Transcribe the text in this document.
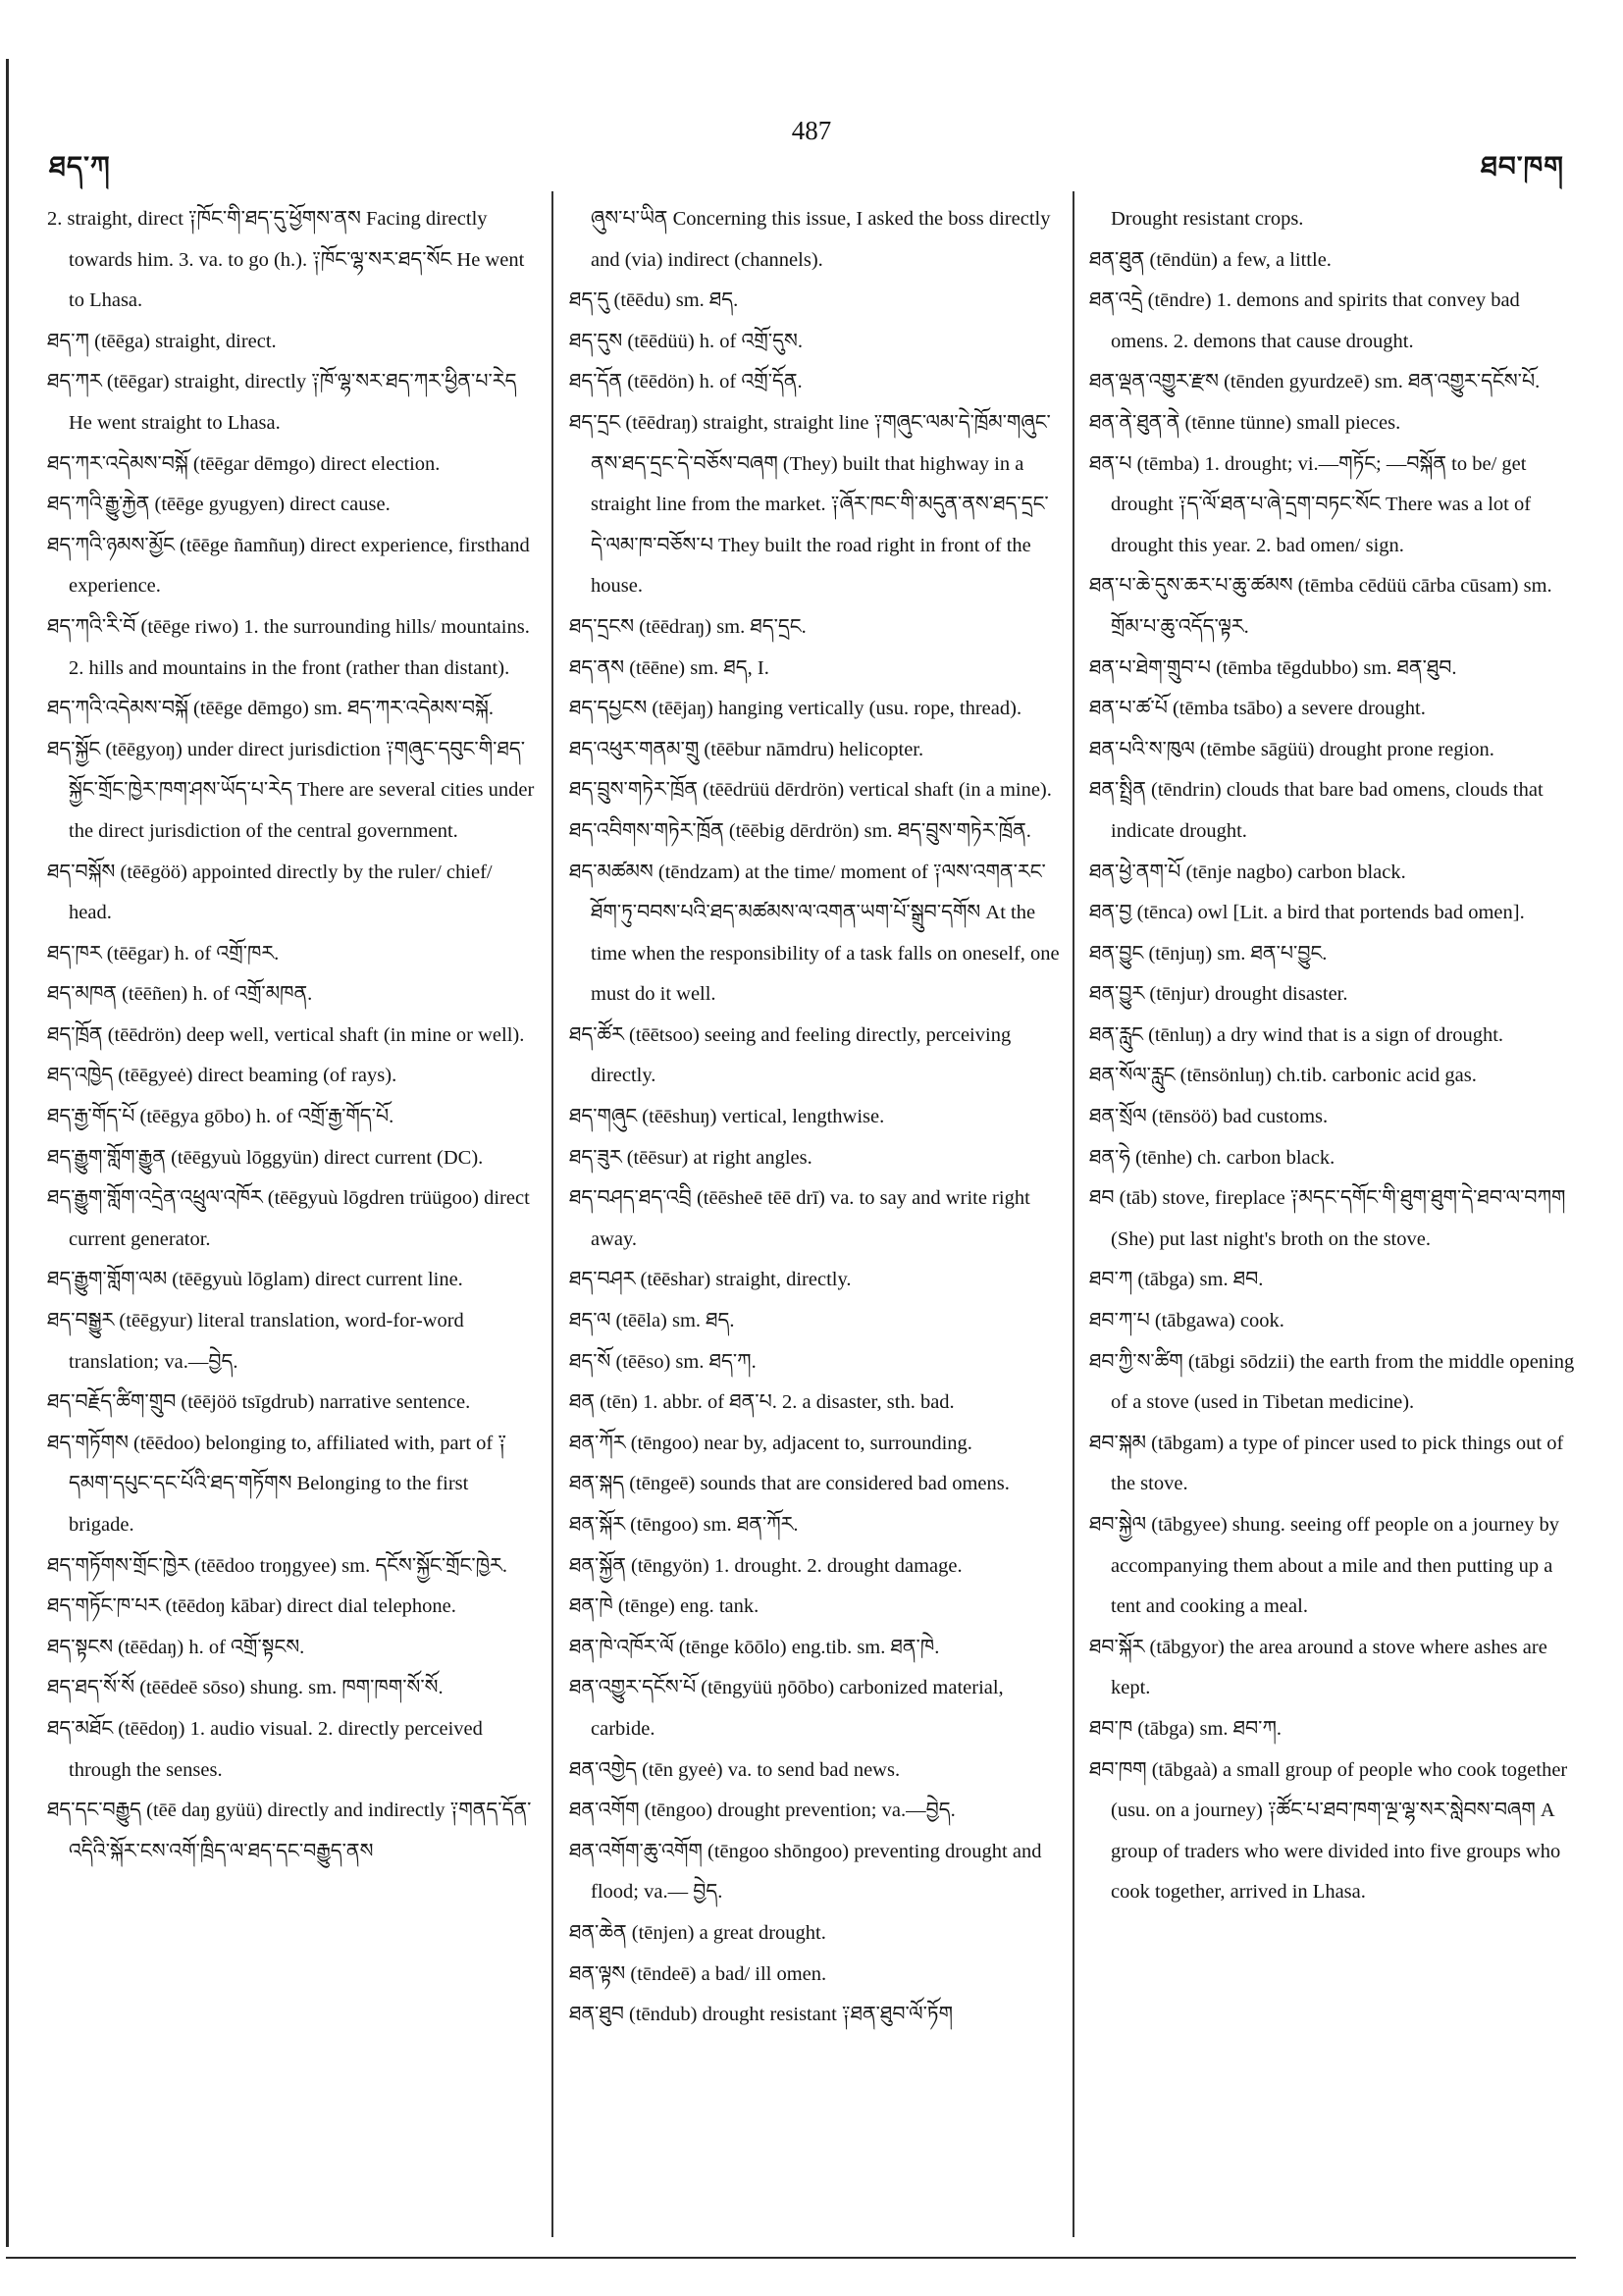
ཐད་ཀ
487
ཐབ་ཁག

2. straight, direct ༑ཁོང་གི་ཐད་དུ་ཕྱོགས་ནས Facing directly towards him. 3. va. to go (h.). ༑ཁོང་ལྷ་སར་ཐད་སོང He went to Lhasa.

ཐད་ཀ (tēēga) straight, direct.

ཐད་ཀར (tēēgar) straight, directly ༑ཁོ་ལྷ་སར་ཐད་ཀར་ཕྱིན་པ་རེད He went straight to Lhasa.

ཐད་ཀར་འདེམས་བསྐོ (tēēgar dēmgo) direct election.

ཐད་ཀའི་རྒྱུ་རྐྱེན (tēēge gyugyen) direct cause.

ཐད་ཀའི་ཉམས་མྱོང (tēēge ñamñuŋ) direct experience, firsthand experience.

ཐད་ཀའི་རི་བོ (tēēge riwo) 1. the surrounding hills/ mountains. 2. hills and mountains in the front (rather than distant).

ཐད་ཀའི་འདེམས་བསྐོ (tēēge dēmgo) sm. ཐད་ཀར་འདེམས་བསྐོ.

ཐད་སྐྱོང (tēēgyoŋ) under direct jurisdiction ༑གཞུང་དབུང་གི་ཐད་སྐྱོང་གྲོང་ཁྱེར་ཁག་ཤས་ཡོད་པ་རེད There are several cities under the direct jurisdiction of the central government.

ཐད་བསྐོས (tēēgöö) appointed directly by the ruler/ chief/ head.

ཐད་ཁར (tēēgar) h. of འགྲོ་ཁར.

ཐད་མཁན (tēēñen) h. of འགྲོ་མཁན.

ཐད་ཁྲོན (tēēdrön) deep well, vertical shaft (in mine or well).

ཐད་འཁྱེད (tēēgyeė) direct beaming (of rays).

ཐད་རྒྱ་གོད་པོ (tēēgya gōbo) h. of འགྲོ་རྒྱ་གོད་པོ.

ཐད་རྒྱུག་གློག་རྒྱུན (tēēgyuù lōggyün) direct current (DC).

ཐད་རྒྱུག་གློག་འདྲེན་འཕྲུལ་འཁོར (tēēgyuù lōgdren trüügoo) direct current generator.

ཐད་རྒྱུག་གློག་ལམ (tēēgyuù lōglam) direct current line.

ཐད་བསྒྱུར (tēēgyur) literal translation, word-for-word translation; va.—བྱེད.

ཐད་བརྗོད་ཚིག་གྲུབ (tēējöö tsīgdrub) narrative sentence.

ཐད་གཏོགས (tēēdoo) belonging to, affiliated with, part of ༑དམག་དཔུང་དང་པོའི་ཐད་གཏོགས Belonging to the first brigade.

ཐད་གཏོགས་གྲོང་ཁྱེར (tēēdoo troŋgyee) sm. དངོས་སྐྱོང་གྲོང་ཁྱེར.

ཐད་གཏོང་ཁ་པར (tēēdoŋ kābar) direct dial telephone.

ཐད་སྟངས (tēēdaŋ) h. of འགྲོ་སྟངས.

ཐད་ཐད་སོ་སོ (tēēdeē sōso) shung. sm. ཁག་ཁག་སོ་སོ.

ཐད་མཐོང (tēēdoŋ) 1. audio visual. 2. directly perceived through the senses.

ཐད་དང་བརྒྱུད (tēē daŋ gyüü) directly and indirectly ༑གནད་དོན་འདིའི་སྐོར་ངས་འགོ་ཁྲིད་ལ་ཐད་དང་བརྒྱུད་ནས

ཞུས་པ་ཡིན Concerning this issue, I asked the boss directly and (via) indirect (channels).

ཐད་དུ (tēēdu) sm. ཐད.

ཐད་དུས (tēēdüü) h. of འགྲོ་དུས.

ཐད་དོན (tēēdön) h. of འགྲོ་དོན.

ཐད་དྲང (tēēdraŋ) straight, straight line ༑གཞུང་ལམ་དེ་ཁྲོམ་གཞུང་ནས་ཐད་དྲང་དེ་བཅོས་བཞག (They) built that highway in a straight line from the market. ༑ཞོར་ཁང་གི་མདུན་ནས་ཐད་དྲང་དེ་ལམ་ཁ་བཅོས་པ They built the road right in front of the house.

ཐད་དྲངས (tēēdraŋ) sm. ཐད་དྲང.

ཐད་ནས (tēēne) sm. ཐད, I.

ཐད་དཔྱངས (tēējaŋ) hanging vertically (usu. rope, thread).

ཐད་འཕུར་གནམ་གྲུ (tēēbur nāmdru) helicopter.

ཐད་བྲུས་གཏེར་ཁྲོན (tēēdrüü dērdrön) vertical shaft (in a mine).

ཐད་འབིགས་གཏེར་ཁྲོན (tēēbig dērdrön) sm. ཐད་བྲུས་གཏེར་ཁྲོན.

ཐད་མཚམས (tēndzam) at the time/ moment of ༑ལས་འགན་རང་ཐོག་ཏུ་བབས་པའི་ཐད་མཚམས་ལ་འགན་ཡག་པོ་སྒྲུབ་དགོས At the time when the responsibility of a task falls on oneself, one must do it well.

ཐད་ཚོར (tēētsoo) seeing and feeling directly, perceiving directly.

ཐད་གཞུང (tēēshuŋ) vertical, lengthwise.

ཐད་ཟུར (tēēsur) at right angles.

ཐད་བཤད་ཐད་འབྲི (tēēsheē tēē drī) va. to say and write right away.

ཐད་བཤར (tēēshar) straight, directly.

ཐད་ལ (tēēla) sm. ཐད.

ཐད་སོ (tēēso) sm. ཐད་ཀ.

ཐན (tēn) 1. abbr. of ཐན་པ. 2. a disaster, sth. bad.

ཐན་ཀོར (tēngoo) near by, adjacent to, surrounding.

ཐན་སྐད (tēngeē) sounds that are considered bad omens.

ཐན་སྐོར (tēngoo) sm. ཐན་ཀོར.

ཐན་སྐྱོན (tēngyön) 1. drought. 2. drought damage.

ཐན་ཁེ (tēnge) eng. tank.

ཐན་ཁེ་འཁོར་ལོ (tēnge kōōlo) eng.tib. sm. ཐན་ཁེ.

ཐན་འགྱུར་དངོས་པོ (tēngyüü ŋōōbo) carbonized material, carbide.

ཐན་འགྱེད (tēn gyeė) va. to send bad news.

ཐན་འགོག (tēngoo) drought prevention; va.—བྱེད.

ཐན་འགོག་ཆུ་འགོག (tēngoo shōngoo) preventing drought and flood; va.— བྱེད.

ཐན་ཆེན (tēnjen) a great drought.

ཐན་ལྟས (tēndeē) a bad/ ill omen.

ཐན་ཐུབ (tēndub) drought resistant ༑ཐན་ཐུབ་ལོ་ཏོག

Drought resistant crops.

ཐན་ཐུན (tēndün) a few, a little.

ཐན་འདྲེ (tēndre) 1. demons and spirits that convey bad omens. 2. demons that cause drought.

ཐན་ལྡན་འགྱུར་རྫས (tēnden gyurdzeē) sm. ཐན་འགྱུར་དངོས་པོ.

ཐན་ནེ་ཐུན་ནེ (tēnne tünne) small pieces.

ཐན་པ (tēmba) 1. drought; vi.—གཏོང; —བསྐོན to be/ get drought ༑ད་ལོ་ཐན་པ་ཞེ་དྲག་བཏང་སོང There was a lot of drought this year. 2. bad omen/ sign.

ཐན་པ་ཆེ་དུས་ཆར་པ་ཆུ་ཚམས (tēmba cēdüü cārba cūsam) sm. གྲོམ་པ་ཆུ་འདོད་ལྟར.

ཐན་པ་ཐེག་གྲུབ་པ (tēmba tēgdubbo) sm. ཐན་ཐུབ.

ཐན་པ་ཚ་པོ (tēmba tsābo) a severe drought.

ཐན་པའི་ས་ཁུལ (tēmbe sāgüü) drought prone region.

ཐན་སྤྲིན (tēndrin) clouds that bare bad omens, clouds that indicate drought.

ཐན་ཕྱེ་ནག་པོ (tēnje nagbo) carbon black.

ཐན་བྱ (tēnca) owl [Lit. a bird that portends bad omen].

ཐན་བྱུང (tēnjuŋ) sm. ཐན་པ་བྱུང.

ཐན་བྱུར (tēnjur) drought disaster.

ཐན་རླུང (tēnluŋ) a dry wind that is a sign of drought.

ཐན་སོལ་རླུང (tēnsönluŋ) ch.tib. carbonic acid gas.

ཐན་སྲོལ (tēnsöö) bad customs.

ཐན་ཧེ (tēnhe) ch. carbon black.

ཐབ (tāb) stove, fireplace ༑མདང་དགོང་གི་ཐུག་ཐུག་དེ་ཐབ་ལ་བཀག (She) put last night's broth on the stove.

ཐབ་ཀ (tābga) sm. ཐབ.

ཐབ་ཀ་པ (tābgawa) cook.

ཐབ་ཀྱི་ས་ཚིག (tābgi sōdzii) the earth from the middle opening of a stove (used in Tibetan medicine).

ཐབ་སྐམ (tābgam) a type of pincer used to pick things out of the stove.

ཐབ་སྐྱེལ (tābgyee) shung. seeing off people on a journey by accompanying them about a mile and then putting up a tent and cooking a meal.

ཐབ་སྐོར (tābgyor) the area around a stove where ashes are kept.

ཐབ་ཁ (tābga) sm. ཐབ་ཀ.

ཐབ་ཁག (tābgaà) a small group of people who cook together (usu. on a journey) ༑ཚོང་པ་ཐབ་ཁག་ལྔ་ལྷ་སར་སླེབས་བཞག A group of traders who were divided into five groups who cook together, arrived in Lhasa.
